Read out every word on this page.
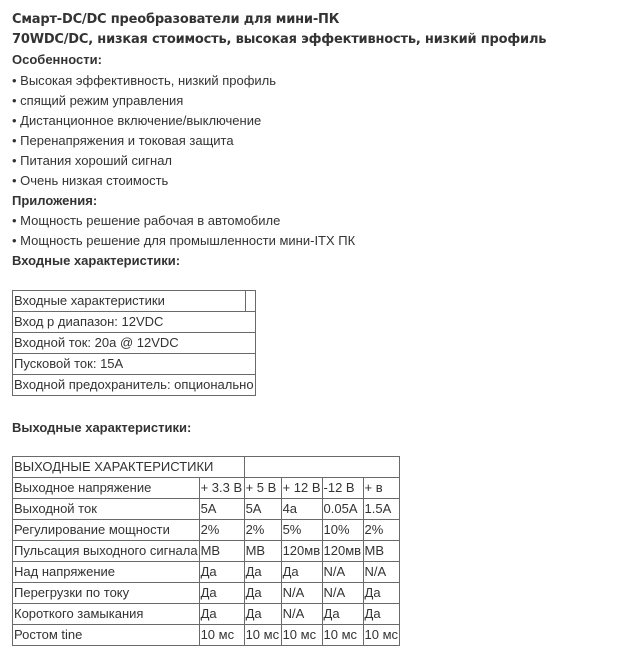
Смарт-DC/DC преобразователи для мини-ПК
70WDC/DC, низкая стоимость, высокая эффективность, низкий профиль
Особенности:
• Высокая эффективность, низкий профиль
• спящий режим управления
• Дистанционное включение/выключение
• Перенапряжения и токовая защита
• Питания хороший сигнал
• Очень низкая стоимость
Приложения:
• Мощность решение рабочая в автомобиле
• Мощность решение для промышленности мини-ITX ПК
Входные характеристики:
Входные характеристики	
Вход р диапазон: 12VDC
Входной ток: 20а @ 12VDC
Пусковой ток: 15А
Входной предохранитель: опционально
Выходные характеристики:
ВЫХОДНЫЕ ХАРАКТЕРИСТИКИ					
Выходное напряжение	+ 3.3 В	+ 5 В	+ 12 В	-12 В	+ в
Выходной ток	5A	5A	4а	0.05A	1.5A
Регулирование мощности	2%	2%	5%	10%	2%
Пульсация выходного сигнала	МВ	МВ	120мв	120мв	МВ
Над напряжение	Да	Да	Да	N/A	N/A
Перегрузки по току	Да	Да	N/A	N/A	Да
Короткого замыкания	Да	Да	N/A	Да	Да
Ростом tine	10 мс	10 мс	10 мс	10 мс	10 мс
